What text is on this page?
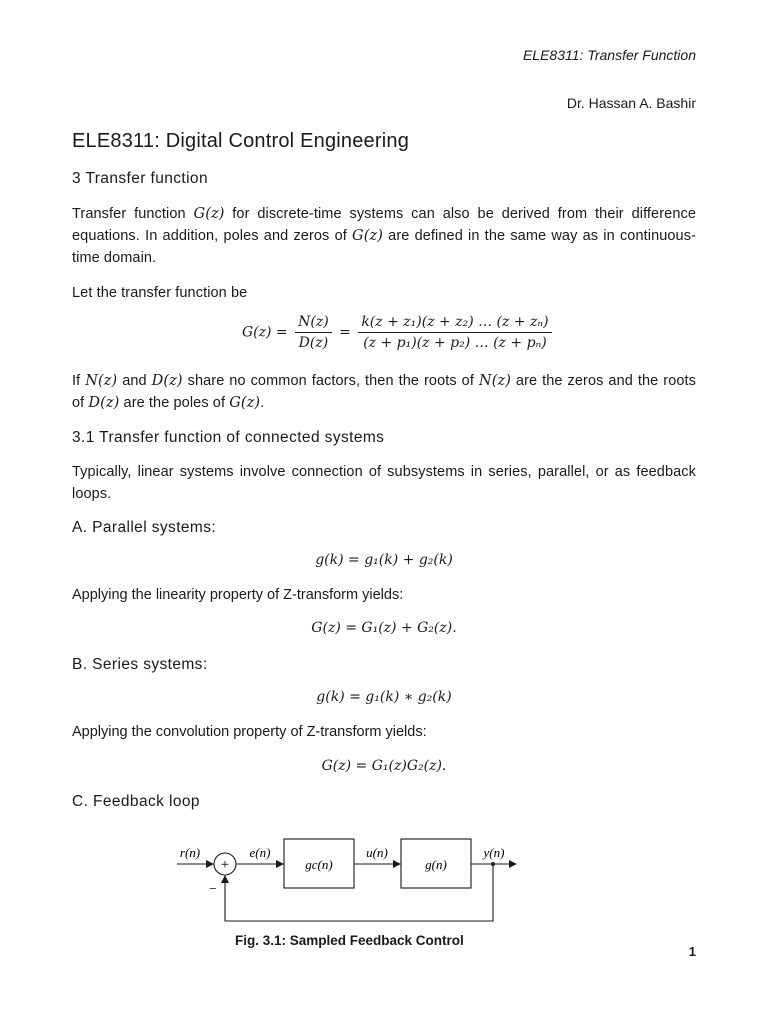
ELE8311: Transfer Function
Dr. Hassan A. Bashir
ELE8311: Digital Control Engineering
3 Transfer function
Transfer function G(z) for discrete-time systems can also be derived from their difference equations. In addition, poles and zeros of G(z) are defined in the same way as in continuous-time domain.
Let the transfer function be
$G(z) = \frac{N(z)}{D(z)} = \frac{\text{k(z + z₁)(z + z₂) … (z + zₙ)}}{\text{(z + p₁)(z + p₂) … (z + pₙ)}}$
If N(z) and D(z) share no common factors, then the roots of N(z) are the zeros and the roots of D(z) are the poles of G(z).
3.1 Transfer function of connected systems
Typically, linear systems involve connection of subsystems in series, parallel, or as feedback loops.
A. Parallel systems:
g(k) = g₁(k) + g₂(k)
Applying the linearity property of Z-transform yields:
G(z) = G₁(z) + G₂(z).
B. Series systems:
g(k) = g₁(k) ∗ g₂(k)
Applying the convolution property of Z-transform yields:
G(z) = G₁(z)G₂(z).
C. Feedback loop
+
−
r(n)	e(n)
gc(n)
u(n)
g(n)
y(n)
Fig. 3.1: Sampled Feedback Control
1
